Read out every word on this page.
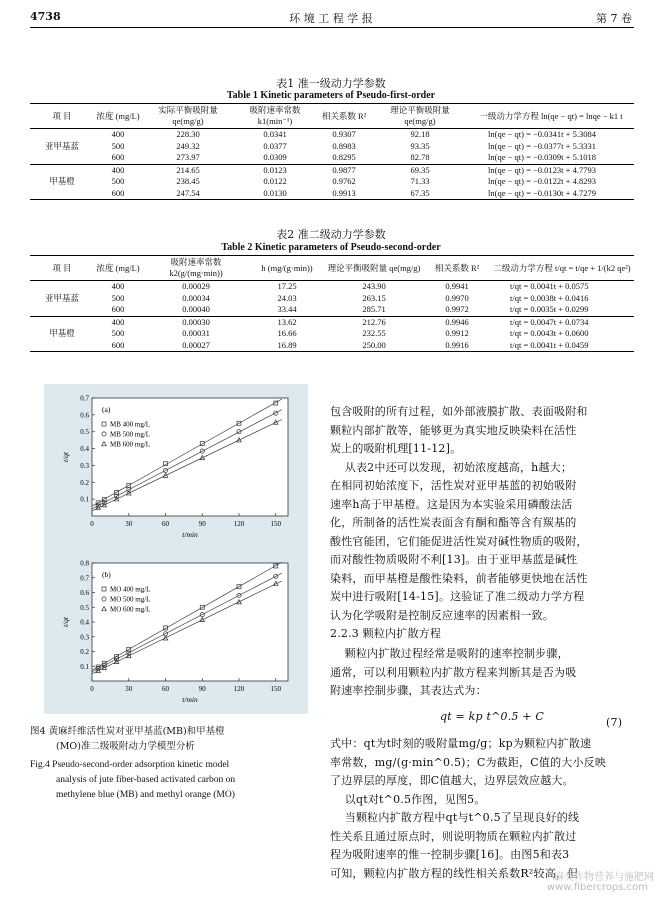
4738	环 境 工 程 学 报	第 7 卷
表1 准一级动力学参数
Table 1 Kinetic parameters of Pseudo-first-order
项 目	浓度 (mg/L)	实际平衡吸附量 qe(mg/g)	吸附速率常数 k1(min⁻¹)	相关系数 R²	理论平衡吸附量 qe(mg/g)	一级动力学方程 ln(qe − qt) = lnqe − k1 t
	400	228.30	0.0341	0.9307	92.18	ln(qe − qt) = −0.0341t + 5.3084
亚甲基蓝	500	249.32	0.0377	0.8983	93.35	ln(qe − qt) = −0.0377t + 5.3331
	600	273.97	0.0309	0.8295	82.78	ln(qe − qt) = −0.0309t + 5.1018
	400	214.65	0.0123	0.9877	69.35	ln(qe − qt) = −0.0123t + 4.7793
甲基橙	500	238.45	0.0122	0.9762	71.33	ln(qe − qt) = −0.0122t + 4.8293
	600	247.54	0.0130	0.9913	67.35	ln(qe − qt) = −0.0130t + 4.7279
表2 准二级动力学参数
Table 2 Kinetic parameters of Pseudo-second-order
项 目	浓度 (mg/L)	吸附速率常数 k2(g/(mg·min))	h (mg/(g·min))	理论平衡吸附量 qe(mg/g)	相关系数 R²	二级动力学方程 t/qt = t/qe + 1/(k2 qe²)
	400	0.00029	17.25	243.90	0.9941	t/qt = 0.0041t + 0.0575
亚甲基蓝	500	0.00034	24.03	263.15	0.9970	t/qt = 0.0038t + 0.0416
	600	0.00040	33.44	285.71	0.9972	t/qt = 0.0035t + 0.0299
	400	0.00030	13.62	212.76	0.9946	t/qt = 0.0047t + 0.0734
甲基橙	500	0.00031	16.66	232.55	0.9912	t/qt = 0.0043t + 0.0600
	600	0.00027	16.89	250.00	0.9916	t/qt = 0.0041t + 0.0459
0	30	60	90	120	150
0.1
0.2
0.3
0.4
0.5
0.6
0.7
t/min
t/qt
(a)
MB 400 mg/L
MB 500 mg/L
MB 600 mg/L
0	30	60	90	120	150
0.1
0.2
0.3
0.4
0.5
0.6
0.7
0.8
t/min
t/qt
(b)
MO 400 mg/L
MO 500 mg/L
MO 600 mg/L
图4 黄麻纤维活性炭对亚甲基蓝(MB)和甲基橙
(MO)准二级吸附动力学模型分析
Fig.4 Pseudo-second-order adsorption kinetic model
analysis of jute fiber-based activated carbon on
methylene blue (MB) and methyl orange (MO)
包含吸附的所有过程，如外部液膜扩散、表面吸附和
颗粒内部扩散等，能够更为真实地反映染料在活性
炭上的吸附机理[11-12]。
从表2中还可以发现，初始浓度越高，h越大；
在相同初始浓度下，活性炭对亚甲基蓝的初始吸附
速率h高于甲基橙。这是因为本实验采用磷酸法活
化，所制备的活性炭表面含有酮和酯等含有羰基的
酸性官能团，它们能促进活性炭对碱性物质的吸附，
而对酸性物质吸附不利[13]。由于亚甲基蓝是碱性
染料，而甲基橙是酸性染料，前者能够更快地在活性
炭中进行吸附[14-15]。这验证了准二级动力学方程
认为化学吸附是控制反应速率的因素相一致。
2.2.3 颗粒内扩散方程
颗粒内扩散过程经常是吸附的速率控制步骤，
通常，可以利用颗粒内扩散方程来判断其是否为吸
附速率控制步骤，其表达式为：
qt = kp t^0.5 + C	(7)
式中：qt为t时刻的吸附量mg/g；kp为颗粒内扩散速
率常数，mg/(g·min^0.5)；C为截距，C值的大小反映
了边界层的厚度，即C值越大，边界层效应越大。
以qt对t^0.5作图，见图5。
当颗粒内扩散方程中qt与t^0.5了呈现良好的线
性关系且通过原点时，则说明物质在颗粒内扩散过
程为吸附速率的惟一控制步骤[16]。由图5和表3
可知，颗粒内扩散方程的线性相关系数R²较高，但
麻类作物营养与施肥网
www.fibercrops.com
